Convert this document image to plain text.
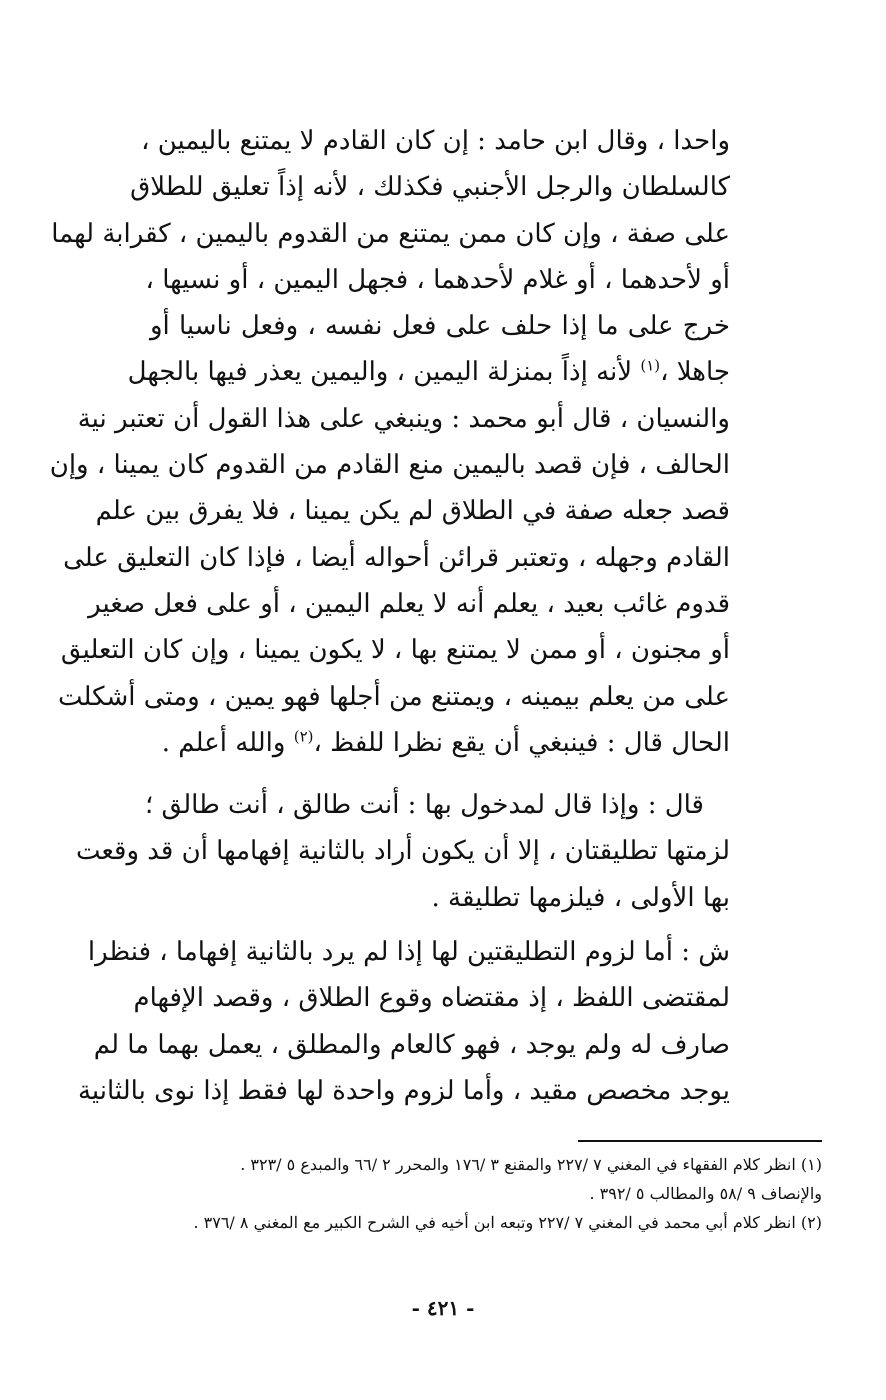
واحدا ، وقال ابن حامد : إن كان القادم لا يمتنع باليمين ،
كالسلطان والرجل الأجنبي فكذلك ، لأنه إذاً تعليق للطلاق
على صفة ، وإن كان ممن يمتنع من القدوم باليمين ، كقرابة لهما
أو لأحدهما ، أو غلام لأحدهما ، فجهل اليمين ، أو نسيها ،
خرج على ما إذا حلف على فعل نفسه ، وفعل ناسيا أو
جاهلا ،$^{(١)}$ لأنه إذاً بمنزلة اليمين ، واليمين يعذر فيها بالجهل
والنسيان ، قال أبو محمد : وينبغي على هذا القول أن تعتبر نية
الحالف ، فإن قصد باليمين منع القادم من القدوم كان يمينا ، وإن
قصد جعله صفة في الطلاق لم يكن يمينا ، فلا يفرق بين علم
القادم وجهله ، وتعتبر قرائن أحواله أيضا ، فإذا كان التعليق على
قدوم غائب بعيد ، يعلم أنه لا يعلم اليمين ، أو على فعل صغير
أو مجنون ، أو ممن لا يمتنع بها ، لا يكون يمينا ، وإن كان التعليق
على من يعلم بيمينه ، ويمتنع من أجلها فهو يمين ، ومتى أشكلت
الحال قال : فينبغي أن يقع نظرا للفظ ،$^{(٢)}$ والله أعلم .
قال : وإذا قال لمدخول بها : أنت طالق ، أنت طالق ؛
لزمتها تطليقتان ، إلا أن يكون أراد بالثانية إفهامها أن قد وقعت
بها الأولى ، فيلزمها تطليقة .
ش : أما لزوم التطليقتين لها إذا لم يرد بالثانية إفهاما ، فنظرا
لمقتضى اللفظ ، إذ مقتضاه وقوع الطلاق ، وقصد الإفهام
صارف له ولم يوجد ، فهو كالعام والمطلق ، يعمل بهما ما لم
يوجد مخصص مقيد ، وأما لزوم واحدة لها فقط إذا نوى بالثانية
(١) انظر كلام الفقهاء في المغني ٧ /٢٢٧ والمقنع ٣ /١٧٦ والمحرر ٢ /٦٦ والمبدع ٥ /٣٢٣ .
والإنصاف ٩ /٥٨ والمطالب ٥ /٣٩٢ .
(٢) انظر كلام أبي محمد في المغني ٧ /٢٢٧ وتبعه ابن أخيه في الشرح الكبير مع المغني ٨ /٣٧٦ .
- ٤٢١ -
